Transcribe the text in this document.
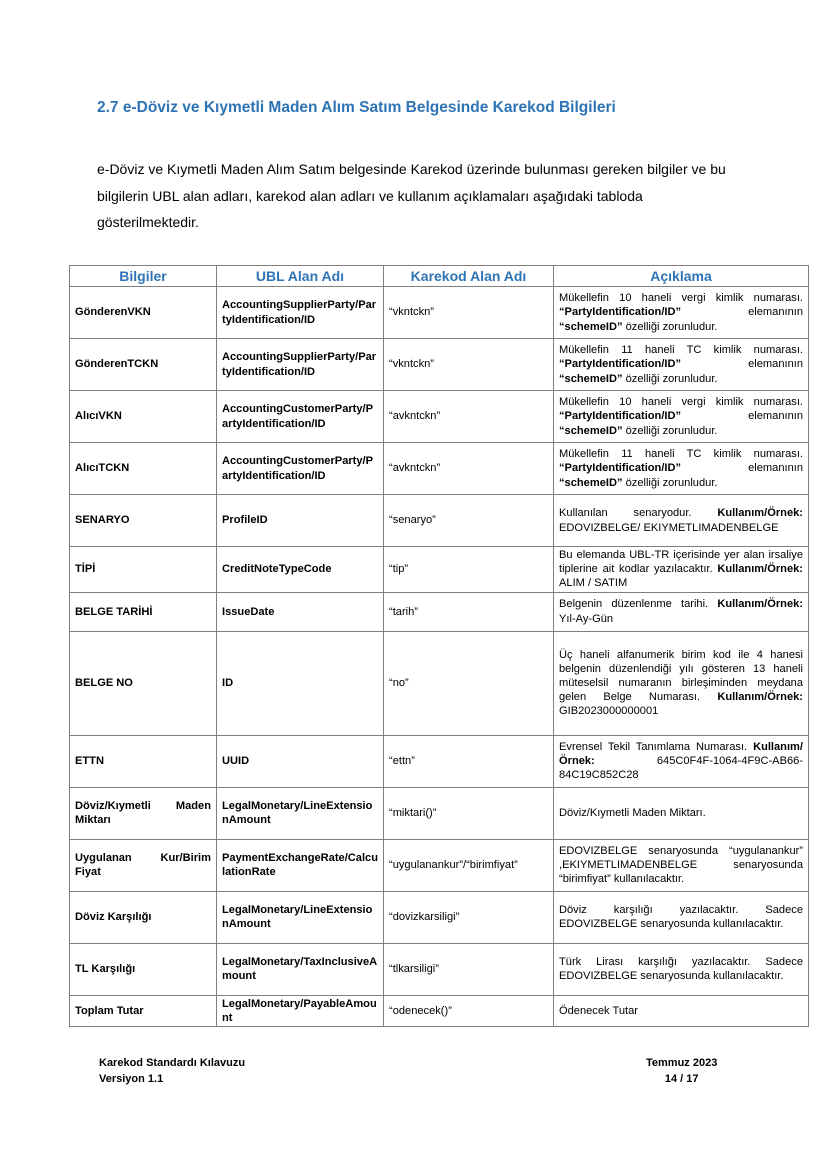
2.7 e-Döviz ve Kıymetli Maden Alım Satım Belgesinde Karekod Bilgileri

e-Döviz ve Kıymetli Maden Alım Satım belgesinde Karekod üzerinde bulunması gereken bilgiler ve bu bilgilerin UBL alan adları, karekod alan adları ve kullanım açıklamaları aşağıdaki tabloda gösterilmektedir.

Bilgiler	UBL Alan Adı	Karekod Alan Adı	Açıklama
GönderenVKN	AccountingSupplierParty/PartyIdentification/ID	“vkntckn”	Mükellefin 10 haneli vergi kimlik numarası. “PartyIdentification/ID” elemanının “schemeID” özelliği zorunludur.
GönderenTCKN	AccountingSupplierParty/PartyIdentification/ID	“vkntckn”	Mükellefin 11 haneli TC kimlik numarası. “PartyIdentification/ID” elemanının “schemeID” özelliği zorunludur.
AlıcıVKN	AccountingCustomerParty/PartyIdentification/ID	“avkntckn”	Mükellefin 10 haneli vergi kimlik numarası. “PartyIdentification/ID” elemanının “schemeID” özelliği zorunludur.
AlıcıTCKN	AccountingCustomerParty/PartyIdentification/ID	“avkntckn”	Mükellefin 11 haneli TC kimlik numarası. “PartyIdentification/ID” elemanının “schemeID” özelliği zorunludur.
SENARYO	ProfileID	“senaryo”	Kullanılan senaryodur. Kullanım/Örnek: EDOVIZBELGE/ EKIYMETLIMADENBELGE
TİPİ	CreditNoteTypeCode	“tip”	Bu elemanda UBL-TR içerisinde yer alan irsaliye tiplerine ait kodlar yazılacaktır. Kullanım/Örnek: ALIM / SATIM
BELGE TARİHİ	IssueDate	“tarih”	Belgenin düzenlenme tarihi. Kullanım/Örnek: Yıl-Ay-Gün
BELGE NO	ID	“no”	Üç haneli alfanumerik birim kod ile 4 hanesi belgenin düzenlendiği yılı gösteren 13 haneli müteselsil numaranın birleşiminden meydana gelen Belge Numarası. Kullanım/Örnek: GIB2023000000001
ETTN	UUID	“ettn”	Evrensel Tekil Tanımlama Numarası. Kullanım/Örnek: 645C0F4F-1064-4F9C-AB66-84C19C852C28
Döviz/Kıymetli Maden Miktarı	LegalMonetary/LineExtensionAmount	“miktari()”	Döviz/Kıymetli Maden Miktarı.
Uygulanan Kur/Birim Fiyat	PaymentExchangeRate/CalculationRate	“uygulanankur”/“birimfiyat”	EDOVIZBELGE senaryosunda “uygulanankur” ,EKIYMETLIMADENBELGE senaryosunda “birimfiyat” kullanılacaktır.
Döviz Karşılığı	LegalMonetary/LineExtensionAmount	“dovizkarsiligi”	Döviz karşılığı yazılacaktır. Sadece EDOVIZBELGE senaryosunda kullanılacaktır.
TL Karşılığı	LegalMonetary/TaxInclusiveAmount	“tlkarsiligi”	Türk Lirası karşılığı yazılacaktır. Sadece EDOVIZBELGE senaryosunda kullanılacaktır.
Toplam Tutar	LegalMonetary/PayableAmount	“odenecek()”	Ödenecek Tutar
Karekod Standardı Kılavuzu
Versiyon 1.1
Temmuz 2023
14 / 17
